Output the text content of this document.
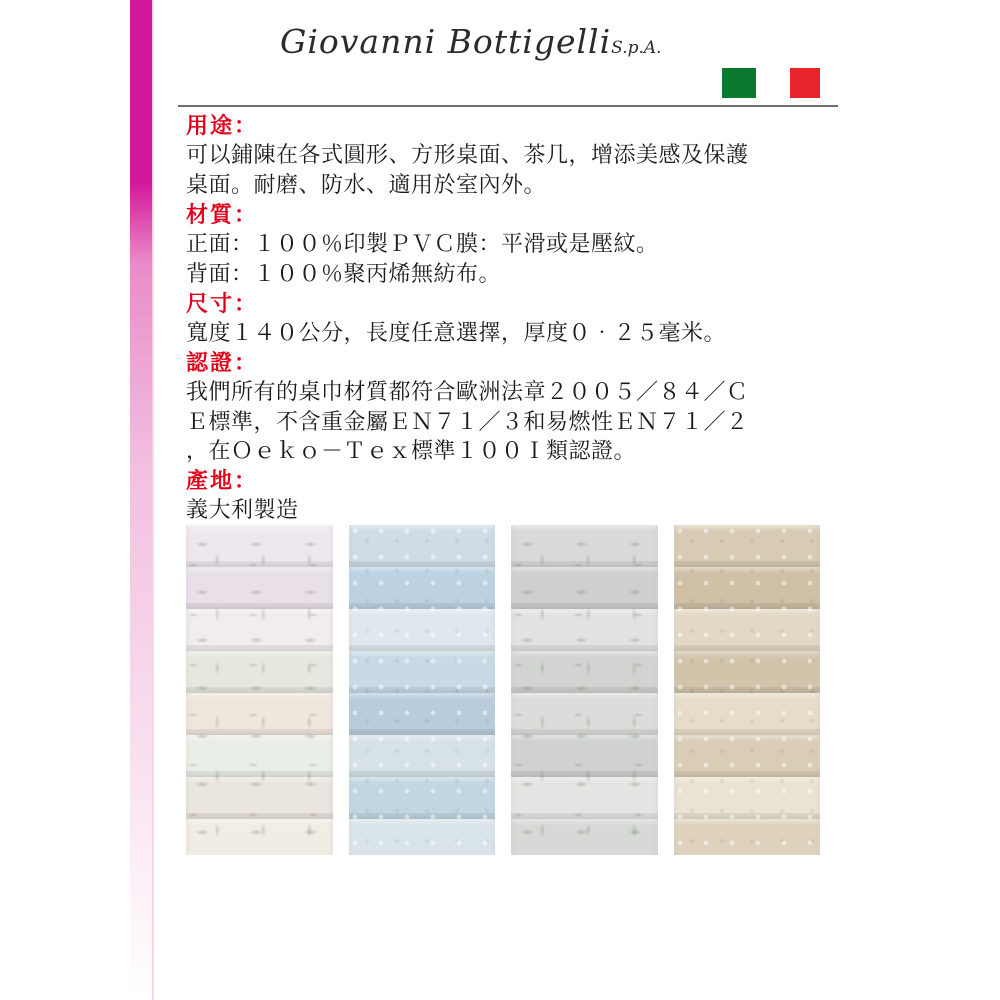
Giovanni BottigelliS.p.A.

用途：

可以鋪陳在各式圓形、方形桌面、茶几，增添美感及保護

桌面。耐磨、防水、適用於室內外。

材質：

正面：１００％印製ＰＶＣ膜：平滑或是壓紋。

背面：１００％聚丙烯無紡布。

尺寸：

寬度１４０公分，長度任意選擇，厚度０‧２５毫米。

認證：

我們所有的桌巾材質都符合歐洲法章２００５／８４／Ｃ

Ｅ標準，不含重金屬ＥＮ７１／３和易燃性ＥＮ７１／２

，在Ｏｅｋｏ－Ｔｅｘ標準１００Ｉ類認證。

產地：

義大利製造
